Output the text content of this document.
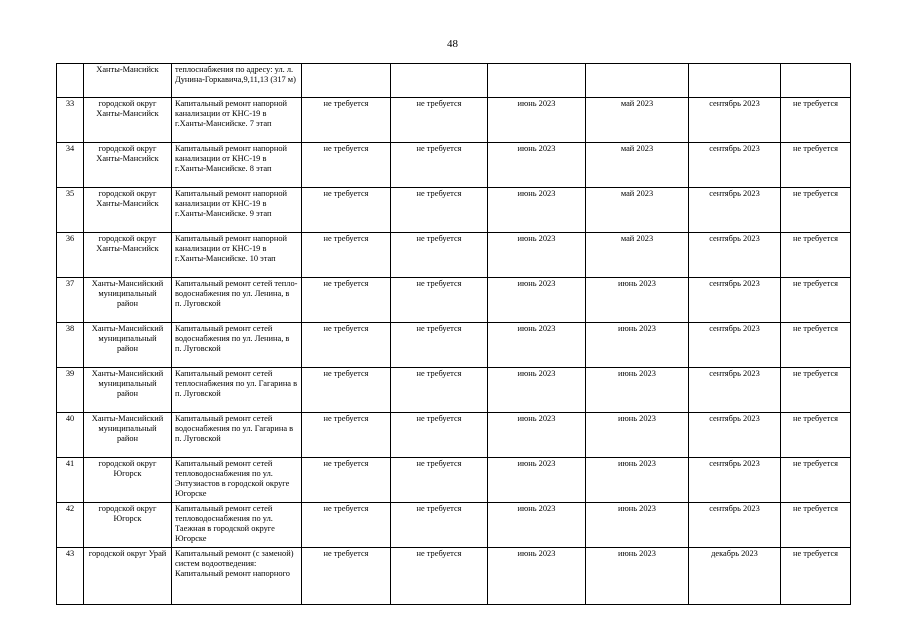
48
	Ханты-Мансийск	теплоснабжения по адресу: ул. л. Дунина-Горкавича,9,11,13 (317 м)						
33	городской округ Ханты-Мансийск	Капитальный ремонт напорной канализации от КНС-19 в г.Ханты-Мансийске. 7 этап	не требуется	не требуется	июнь 2023	май 2023	сентябрь 2023	не требуется
34	городской округ Ханты-Мансийск	Капитальный ремонт напорной канализации от КНС-19 в г.Ханты-Мансийске. 8 этап	не требуется	не требуется	июнь 2023	май 2023	сентябрь 2023	не требуется
35	городской округ Ханты-Мансийск	Капитальный ремонт напорной канализации от КНС-19 в г.Ханты-Мансийске. 9 этап	не требуется	не требуется	июнь 2023	май 2023	сентябрь 2023	не требуется
36	городской округ Ханты-Мансийск	Капитальный ремонт напорной канализации от КНС-19 в г.Ханты-Мансийске. 10 этап	не требуется	не требуется	июнь 2023	май 2023	сентябрь 2023	не требуется
37	Ханты-Мансийский муниципальный район	Капитальный ремонт сетей тепло-водоснабжения по ул. Ленина, в п. Луговской	не требуется	не требуется	июнь 2023	июнь 2023	сентябрь 2023	не требуется
38	Ханты-Мансийский муниципальный район	Капитальный ремонт сетей водоснабжения по ул. Ленина, в п. Луговской	не требуется	не требуется	июнь 2023	июнь 2023	сентябрь 2023	не требуется
39	Ханты-Мансийский муниципальный район	Капитальный ремонт сетей теплоснабжения по ул. Гагарина в п. Луговской	не требуется	не требуется	июнь 2023	июнь 2023	сентябрь 2023	не требуется
40	Ханты-Мансийский муниципальный район	Капитальный ремонт сетей водоснабжения по ул. Гагарина в п. Луговской	не требуется	не требуется	июнь 2023	июнь 2023	сентябрь 2023	не требуется
41	городской округ Югорск	Капитальный ремонт сетей тепловодоснабжения по ул. Энтузиастов в городской округе Югорске	не требуется	не требуется	июнь 2023	июнь 2023	сентябрь 2023	не требуется
42	городской округ Югорск	Капитальный ремонт сетей тепловодоснабжения по ул. Таежная в городской округе Югорске	не требуется	не требуется	июнь 2023	июнь 2023	сентябрь 2023	не требуется
43	городской округ Урай	Капитальный ремонт (с заменой) систем водоотведения: Капитальный ремонт напорного	не требуется	не требуется	июнь 2023	июнь 2023	декабрь 2023	не требуется
